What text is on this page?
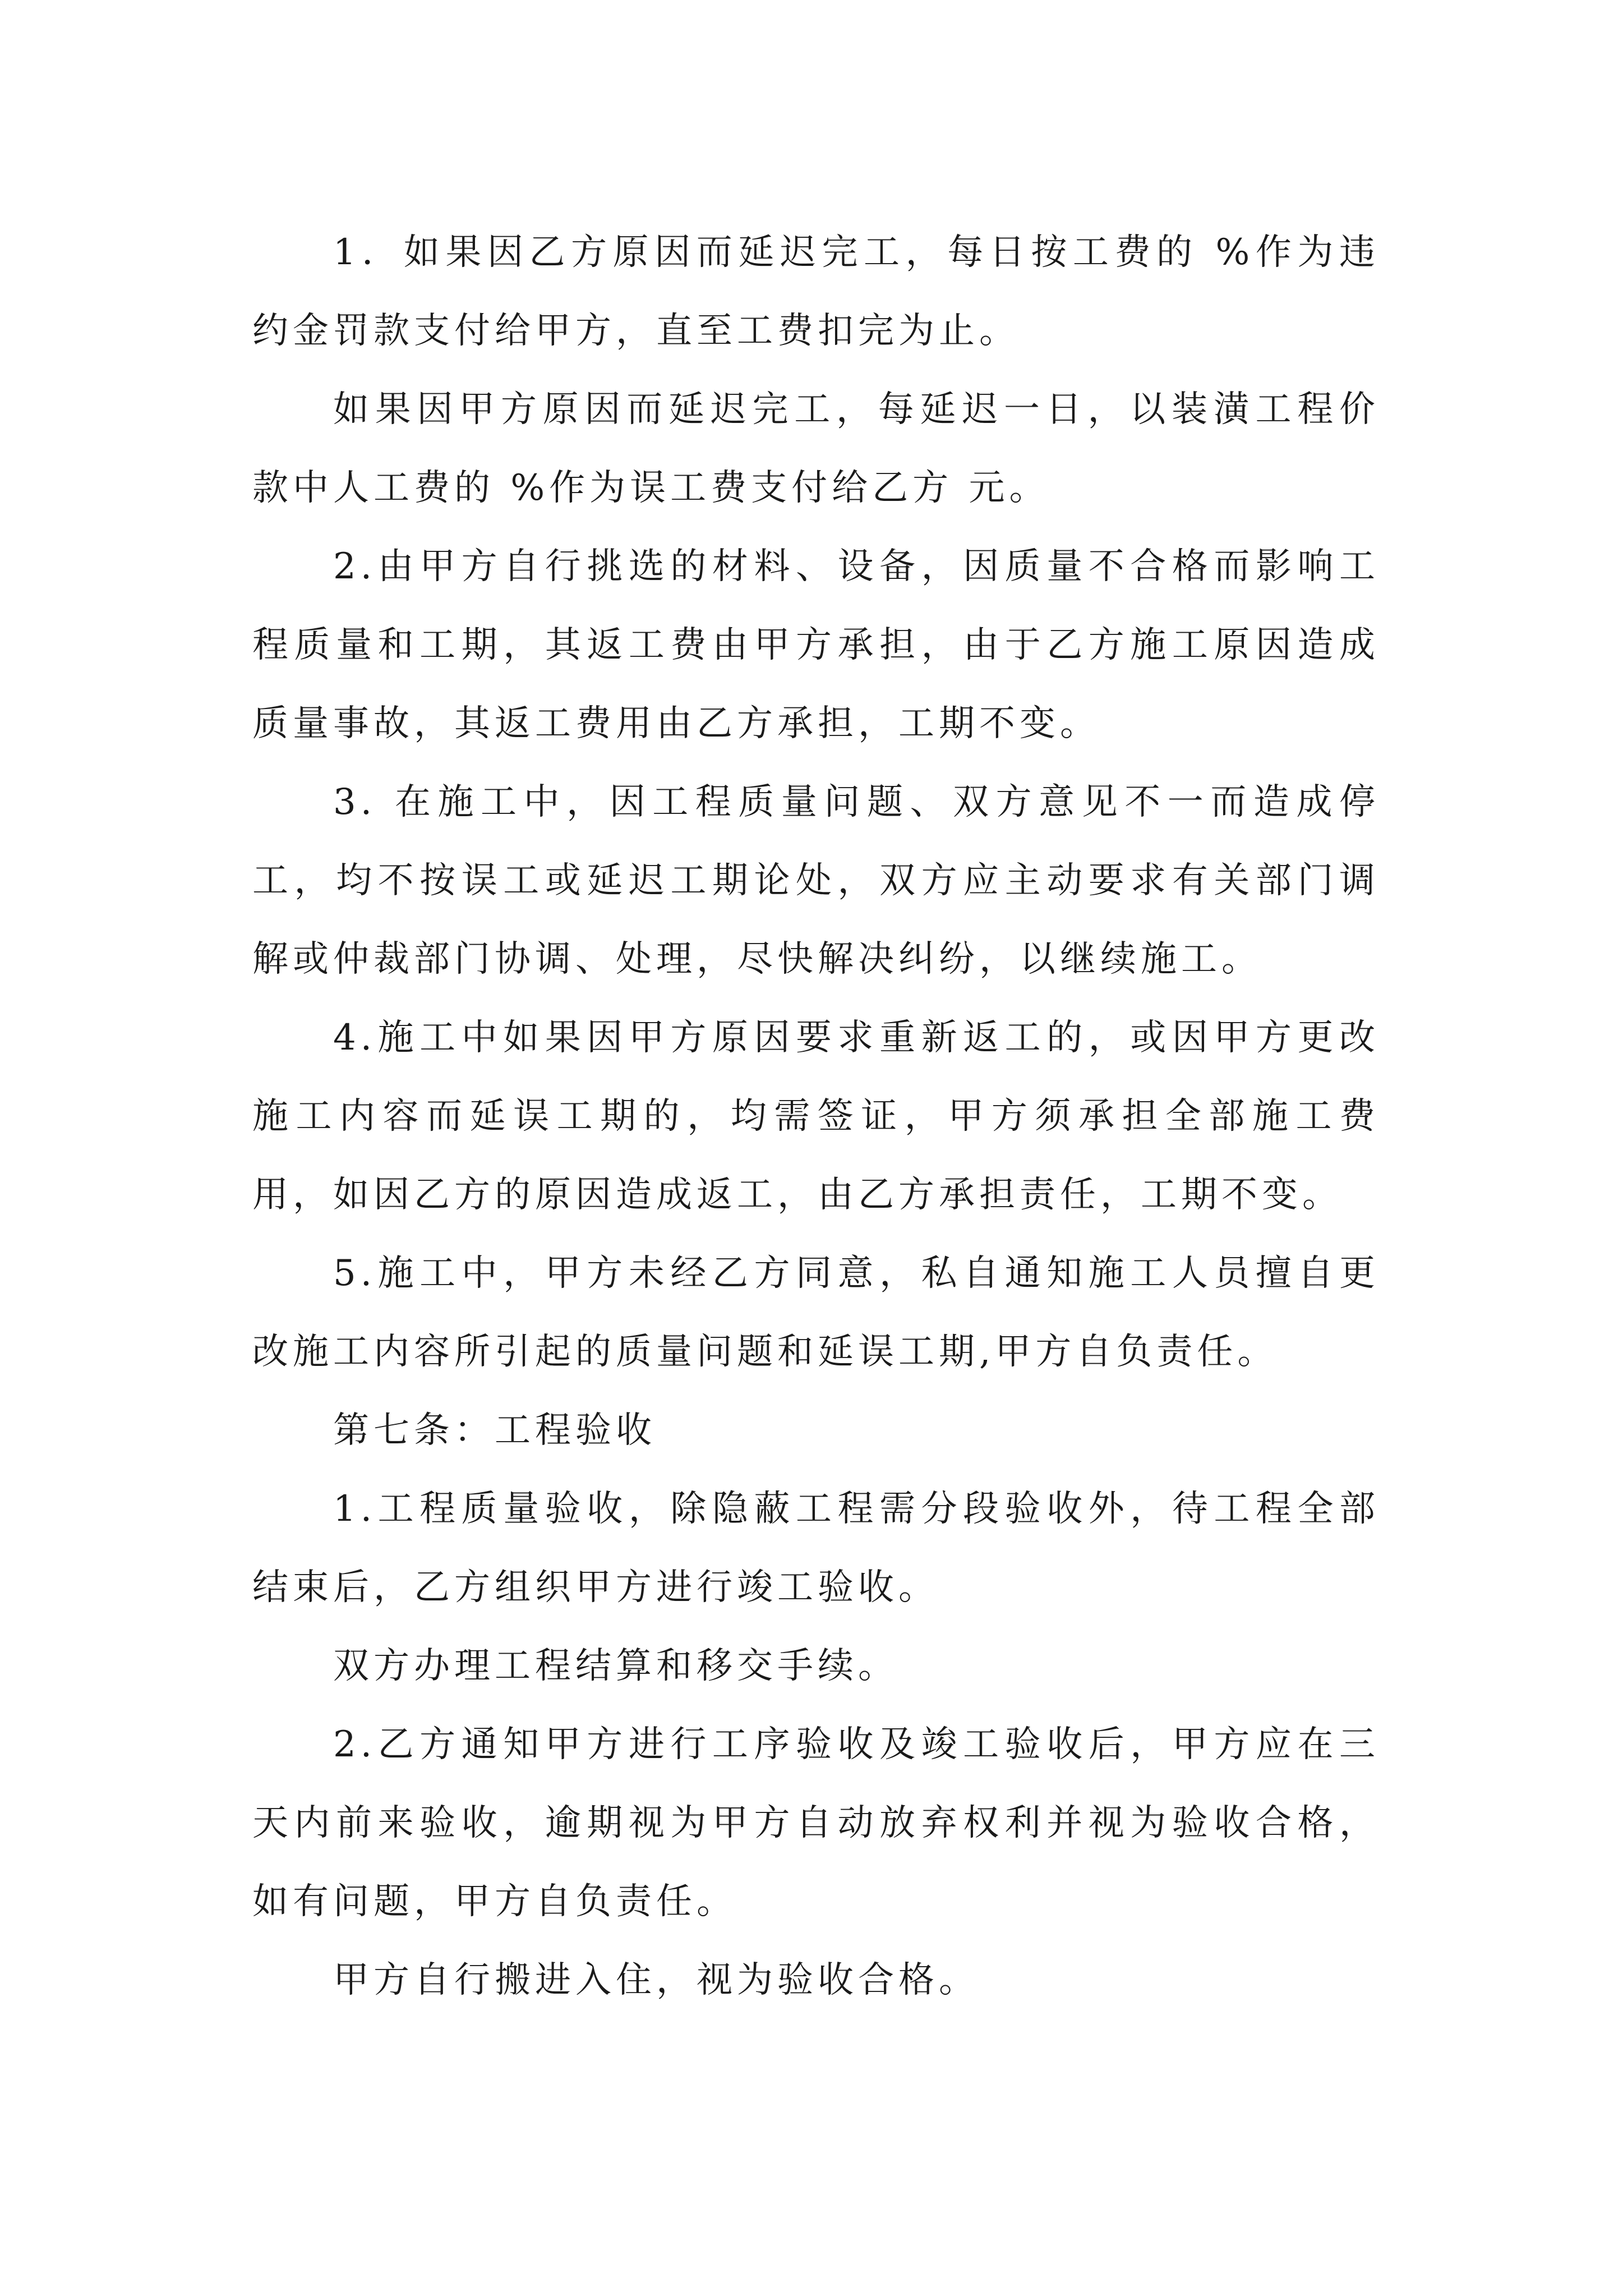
1．如果因乙方原因而延迟完工，每日按工费的 %作为违约金罚款支付给甲方，直至工费扣完为止。

如果因甲方原因而延迟完工，每延迟一日，以装潢工程价款中人工费的 %作为误工费支付给乙方 元。

2.由甲方自行挑选的材料、设备，因质量不合格而影响工程质量和工期，其返工费由甲方承担，由于乙方施工原因造成质量事故，其返工费用由乙方承担，工期不变。

3. 在施工中，因工程质量问题、双方意见不一而造成停工，均不按误工或延迟工期论处，双方应主动要求有关部门调解或仲裁部门协调、处理，尽快解决纠纷，以继续施工。

4.施工中如果因甲方原因要求重新返工的，或因甲方更改施工内容而延误工期的，均需签证，甲方须承担全部施工费用，如因乙方的原因造成返工，由乙方承担责任，工期不变。

5.施工中，甲方未经乙方同意，私自通知施工人员擅自更改施工内容所引起的质量问题和延误工期,甲方自负责任。

第七条：工程验收

1.工程质量验收，除隐蔽工程需分段验收外，待工程全部结束后，乙方组织甲方进行竣工验收。

双方办理工程结算和移交手续。

2.乙方通知甲方进行工序验收及竣工验收后，甲方应在三天内前来验收，逾期视为甲方自动放弃权利并视为验收合格，如有问题，甲方自负责任。

甲方自行搬进入住，视为验收合格。
